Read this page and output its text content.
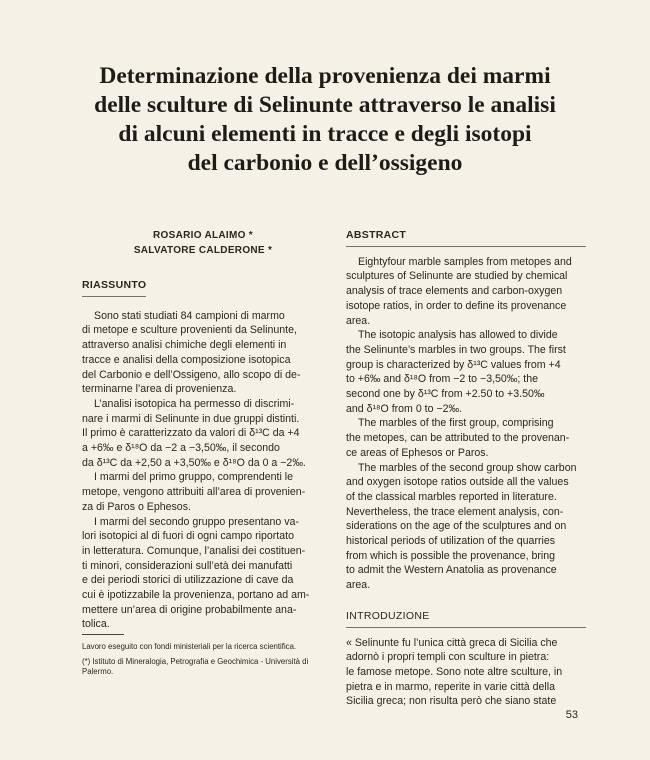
Determinazione della provenienza dei marmi
delle sculture di Selinunte attraverso le analisi
di alcuni elementi in tracce e degli isotopi
del carbonio e dell’ossigeno
ROSARIO ALAIMO *
SALVATORE CALDERONE *

RIASSUNTO

Sono stati studiati 84 campioni di marmo
di metope e sculture provenienti da Selinunte,
attraverso analisi chimiche degli elementi in
tracce e analisi della composizione isotopica
del Carbonio e dell’Ossigeno, allo scopo di de-
terminarne l’area di provenienza.
L’analisi isotopica ha permesso di discrimi-
nare i marmi di Selinunte in due gruppi distinti.
Il primo è caratterizzato da valori di δ¹³C da +4
a +6‰ e δ¹⁸O da −2 a −3,50‰, il secondo
da δ¹³C da +2,50 a +3,50‰ e δ¹⁸O da 0 a −2‰.
I marmi del primo gruppo, comprendenti le
metope, vengono attribuiti all’area di provenien-
za di Paros o Ephesos.
I marmi del secondo gruppo presentano va-
lori isotopici al di fuori di ogni campo riportato
in letteratura. Comunque, l’analisi dei costituen-
ti minori, considerazioni sull’età dei manufatti
e dei periodi storici di utilizzazione di cave da
cui è ipotizzabile la provenienza, portano ad am-
mettere un’area di origine probabilmente ana-
tolica.

ABSTRACT

Eightyfour marble samples from metopes and
sculptures of Selinunte are studied by chemical
analysis of trace elements and carbon-oxygen
isotope ratios, in order to define its provenance
area.
The isotopic analysis has allowed to divide
the Selinunte’s marbles in two groups. The first
group is characterized by δ¹³C values from +4
to +6‰ and δ¹⁸O from −2 to −3,50‰; the
second one by δ¹³C from +2.50 to +3.50‰
and δ¹⁸O from 0 to −2‰.
The marbles of the first group, comprising
the metopes, can be attributed to the provenan-
ce areas of Ephesos or Paros.
The marbles of the second group show carbon
and oxygen isotope ratios outside all the values
of the classical marbles reported in literature.
Nevertheless, the trace element analysis, con-
siderations on the age of the sculptures and on
historical periods of utilization of the quarries
from which is possible the provenance, bring
to admit the Western Anatolia as provenance
area.

INTRODUZIONE

« Selinunte fu l’unica città greca di Sicilia che
adornò i propri templi con sculture in pietra:
le famose metope. Sono note altre sculture, in
pietra e in marmo, reperite in varie città della
Sicilia greca; non risulta però che siano state
Lavoro eseguito con fondi ministeriali per la ricerca scientifica.
(*) Istituto di Mineralogia, Petrografia e Geochimica - Università di Palermo.
53
